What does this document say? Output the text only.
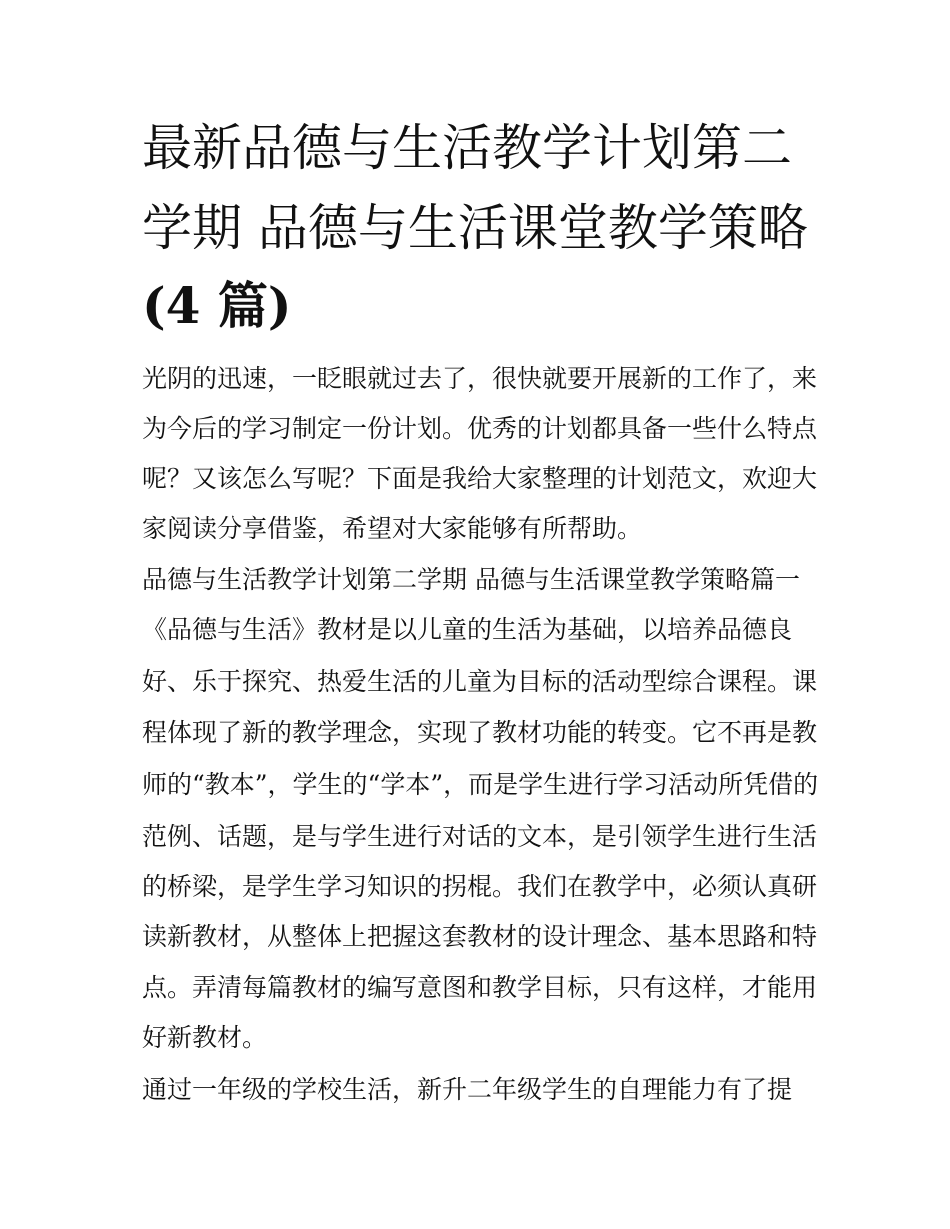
最新品德与生活教学计划第二
学期 品德与生活课堂教学策略
(4 篇)
光阴的迅速，一眨眼就过去了，很快就要开展新的工作了，来
为今后的学习制定一份计划。优秀的计划都具备一些什么特点
呢？又该怎么写呢？下面是我给大家整理的计划范文，欢迎大
家阅读分享借鉴，希望对大家能够有所帮助。
品德与生活教学计划第二学期 品德与生活课堂教学策略篇一
《品德与生活》教材是以儿童的生活为基础，以培养品德良
好、乐于探究、热爱生活的儿童为目标的活动型综合课程。课
程体现了新的教学理念，实现了教材功能的转变。它不再是教
师的“教本”，学生的“学本”，而是学生进行学习活动所凭借的
范例、话题，是与学生进行对话的文本，是引领学生进行生活
的桥梁，是学生学习知识的拐棍。我们在教学中，必须认真研
读新教材，从整体上把握这套教材的设计理念、基本思路和特
点。弄清每篇教材的编写意图和教学目标，只有这样，才能用
好新教材。
通过一年级的学校生活，新升二年级学生的自理能力有了提
